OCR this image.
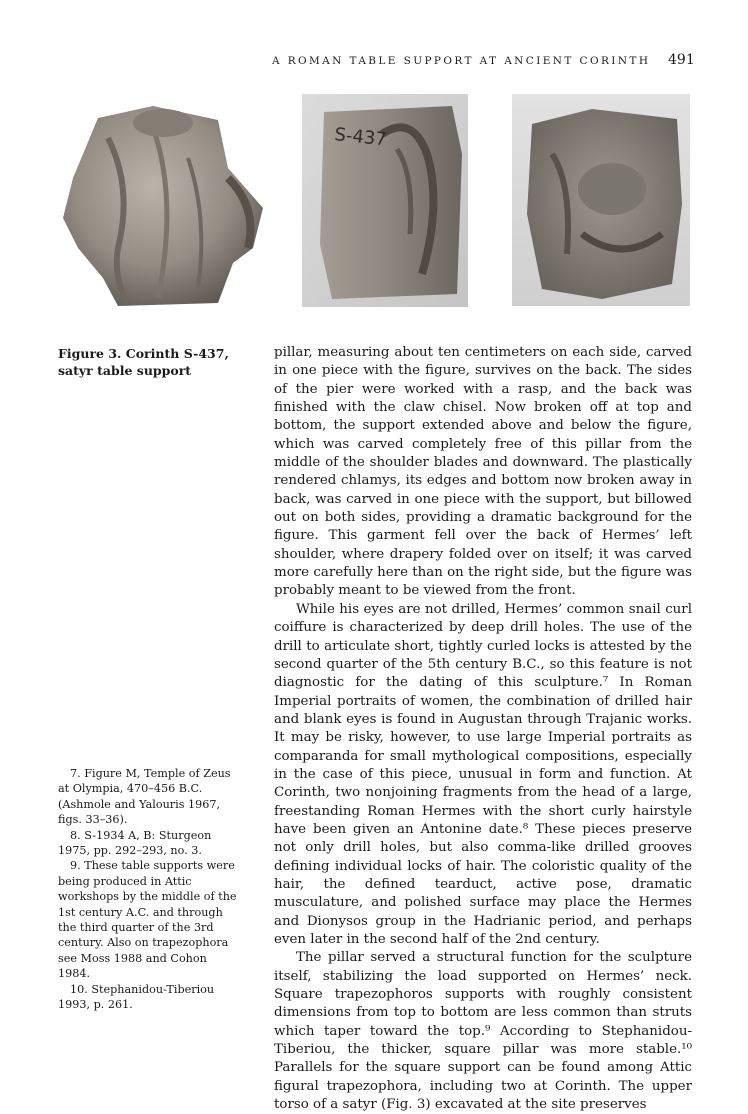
A ROMAN TABLE SUPPORT AT ANCIENT CORINTH 491
S-437
Figure 3. Corinth S-437, satyr table support

pillar, measuring about ten centimeters on each side, carved in one piece with the figure, survives on the back. The sides of the pier were worked with a rasp, and the back was finished with the claw chisel. Now broken off at top and bottom, the support extended above and below the figure, which was carved completely free of this pillar from the middle of the shoulder blades and downward. The plastically rendered chlamys, its edges and bottom now broken away in back, was carved in one piece with the support, but billowed out on both sides, providing a dramatic background for the figure. This garment fell over the back of Hermes’ left shoulder, where drapery folded over on itself; it was carved more carefully here than on the right side, but the figure was probably meant to be viewed from the front.

While his eyes are not drilled, Hermes’ common snail curl coiffure is characterized by deep drill holes. The use of the drill to articulate short, tightly curled locks is attested by the second quarter of the 5th century B.C., so this feature is not diagnostic for the dating of this sculpture.⁷ In Roman Imperial portraits of women, the combination of drilled hair and blank eyes is found in Augustan through Trajanic works. It may be risky, however, to use large Imperial portraits as comparanda for small mythological compositions, especially in the case of this piece, unusual in form and function. At Corinth, two nonjoining fragments from the head of a large, freestanding Roman Hermes with the short curly hairstyle have been given an Antonine date.⁸ These pieces preserve not only drill holes, but also comma-like drilled grooves defining individual locks of hair. The coloristic quality of the hair, the defined tearduct, active pose, dramatic musculature, and polished surface may place the Hermes and Dionysos group in the Hadrianic period, and perhaps even later in the second half of the 2nd century.

The pillar served a structural function for the sculpture itself, stabilizing the load supported on Hermes’ neck. Square trapezophoros supports with roughly consistent dimensions from top to bottom are less common than struts which taper toward the top.⁹ According to Stephanidou-Tiberiou, the thicker, square pillar was more stable.¹⁰ Parallels for the square support can be found among Attic figural trapezophora, including two at Corinth. The upper torso of a satyr (Fig. 3) excavated at the site preserves

7. Figure M, Temple of Zeus at Olympia, 470–456 B.C. (Ashmole and Yalouris 1967, figs. 33–36).

8. S-1934 A, B: Sturgeon 1975, pp. 292–293, no. 3.

9. These table supports were being produced in Attic workshops by the middle of the 1st century A.C. and through the third quarter of the 3rd century. Also on trapezophora see Moss 1988 and Cohon 1984.

10. Stephanidou-Tiberiou 1993, p. 261.
